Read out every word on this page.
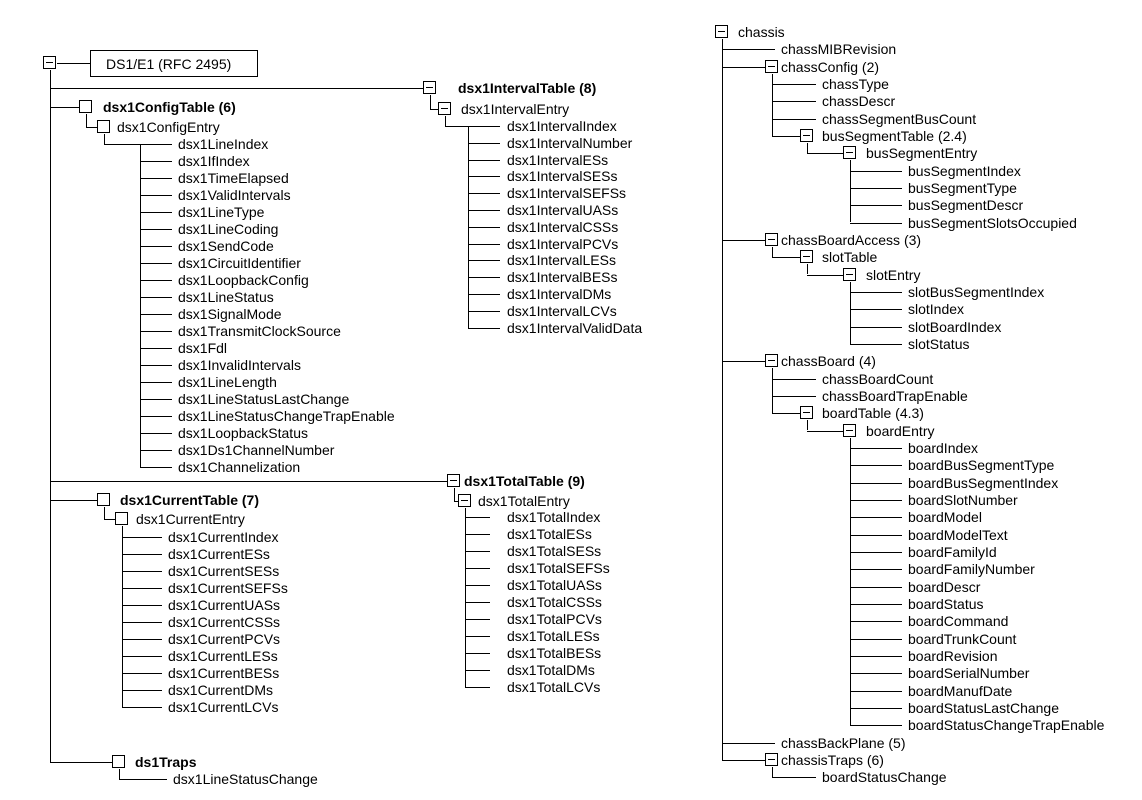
DS1/E1 (RFC 2495)
dsx1IntervalTable (8)
dsx1IntervalEntry
dsx1IntervalIndex
dsx1IntervalNumber
dsx1IntervalESs
dsx1IntervalSESs
dsx1IntervalSEFSs
dsx1IntervalUASs
dsx1IntervalCSSs
dsx1IntervalPCVs
dsx1IntervalLESs
dsx1IntervalBESs
dsx1IntervalDMs
dsx1IntervalLCVs
dsx1IntervalValidData
dsx1ConfigTable (6)
dsx1ConfigEntry
dsx1LineIndex
dsx1IfIndex
dsx1TimeElapsed
dsx1ValidIntervals
dsx1LineType
dsx1LineCoding
dsx1SendCode
dsx1CircuitIdentifier
dsx1LoopbackConfig
dsx1LineStatus
dsx1SignalMode
dsx1TransmitClockSource
dsx1Fdl
dsx1InvalidIntervals
dsx1LineLength
dsx1LineStatusLastChange
dsx1LineStatusChangeTrapEnable
dsx1LoopbackStatus
dsx1Ds1ChannelNumber
dsx1Channelization
dsx1TotalTable (9)
dsx1TotalEntry
dsx1TotalIndex
dsx1TotalESs
dsx1TotalSESs
dsx1TotalSEFSs
dsx1TotalUASs
dsx1TotalCSSs
dsx1TotalPCVs
dsx1TotalLESs
dsx1TotalBESs
dsx1TotalDMs
dsx1TotalLCVs
dsx1CurrentTable (7)
dsx1CurrentEntry
dsx1CurrentIndex
dsx1CurrentESs
dsx1CurrentSESs
dsx1CurrentSEFSs
dsx1CurrentUASs
dsx1CurrentCSSs
dsx1CurrentPCVs
dsx1CurrentLESs
dsx1CurrentBESs
dsx1CurrentDMs
dsx1CurrentLCVs
ds1Traps
dsx1LineStatusChange
chassis
chassMIBRevision
chassConfig (2)
chassType
chassDescr
chassSegmentBusCount
busSegmentTable (2.4)
busSegmentEntry
busSegmentIndex
busSegmentType
busSegmentDescr
busSegmentSlotsOccupied
chassBoardAccess (3)
slotTable
slotEntry
slotBusSegmentIndex
slotIndex
slotBoardIndex
slotStatus
chassBoard (4)
chassBoardCount
chassBoardTrapEnable
boardTable (4.3)
boardEntry
boardIndex
boardBusSegmentType
boardBusSegmentIndex
boardSlotNumber
boardModel
boardModelText
boardFamilyId
boardFamilyNumber
boardDescr
boardStatus
boardCommand
boardTrunkCount
boardRevision
boardSerialNumber
boardManufDate
boardStatusLastChange
boardStatusChangeTrapEnable
chassBackPlane (5)
chassisTraps (6)
boardStatusChange
